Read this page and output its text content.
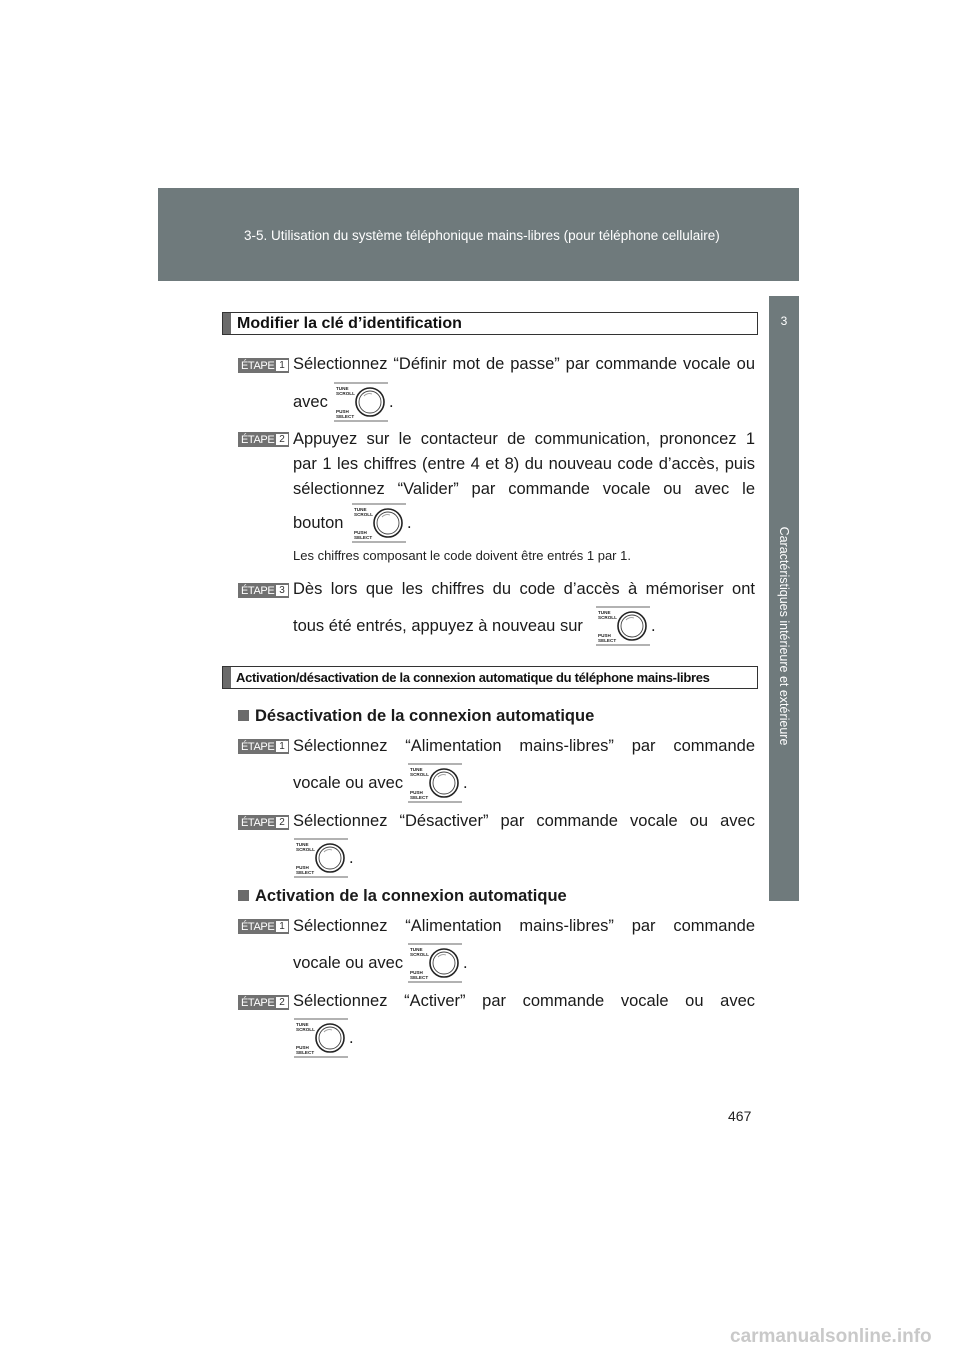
3-5. Utilisation du système téléphonique mains-libres (pour téléphone cellulaire)
3
Caractéristiques intérieure et extérieure
Modifier la clé d’identification
ÉTAPE 1 Sélectionnez “Définir mot de passe” par commande vocale ou
avec
TUNE
SCROLL
PUSH
SELECT
.
ÉTAPE 2 Appuyez sur le contacteur de communication, prononcez 1
par 1 les chiffres (entre 4 et 8) du nouveau code d’accès, puis
sélectionnez “Valider” par commande vocale ou avec le
bouton
TUNE
SCROLL
PUSH
SELECT
.
Les chiffres composant le code doivent être entrés 1 par 1.
ÉTAPE 3 Dès lors que les chiffres du code d’accès à mémoriser ont
tous été entrés, appuyez à nouveau sur
TUNE
SCROLL
PUSH
SELECT
.
Activation/désactivation de la connexion automatique du téléphone mains-libres
Désactivation de la connexion automatique
ÉTAPE 1 Sélectionnez “Alimentation mains-libres” par commande
vocale ou avec
TUNE
SCROLL
PUSH
SELECT
.
ÉTAPE 2 Sélectionnez “Désactiver” par commande vocale ou avec
TUNE
SCROLL
PUSH
SELECT
.
Activation de la connexion automatique
ÉTAPE 1 Sélectionnez “Alimentation mains-libres” par commande
vocale ou avec
TUNE
SCROLL
PUSH
SELECT
.
ÉTAPE 2 Sélectionnez “Activer” par commande vocale ou avec
TUNE
SCROLL
PUSH
SELECT
.
467
carmanualsonline.info
